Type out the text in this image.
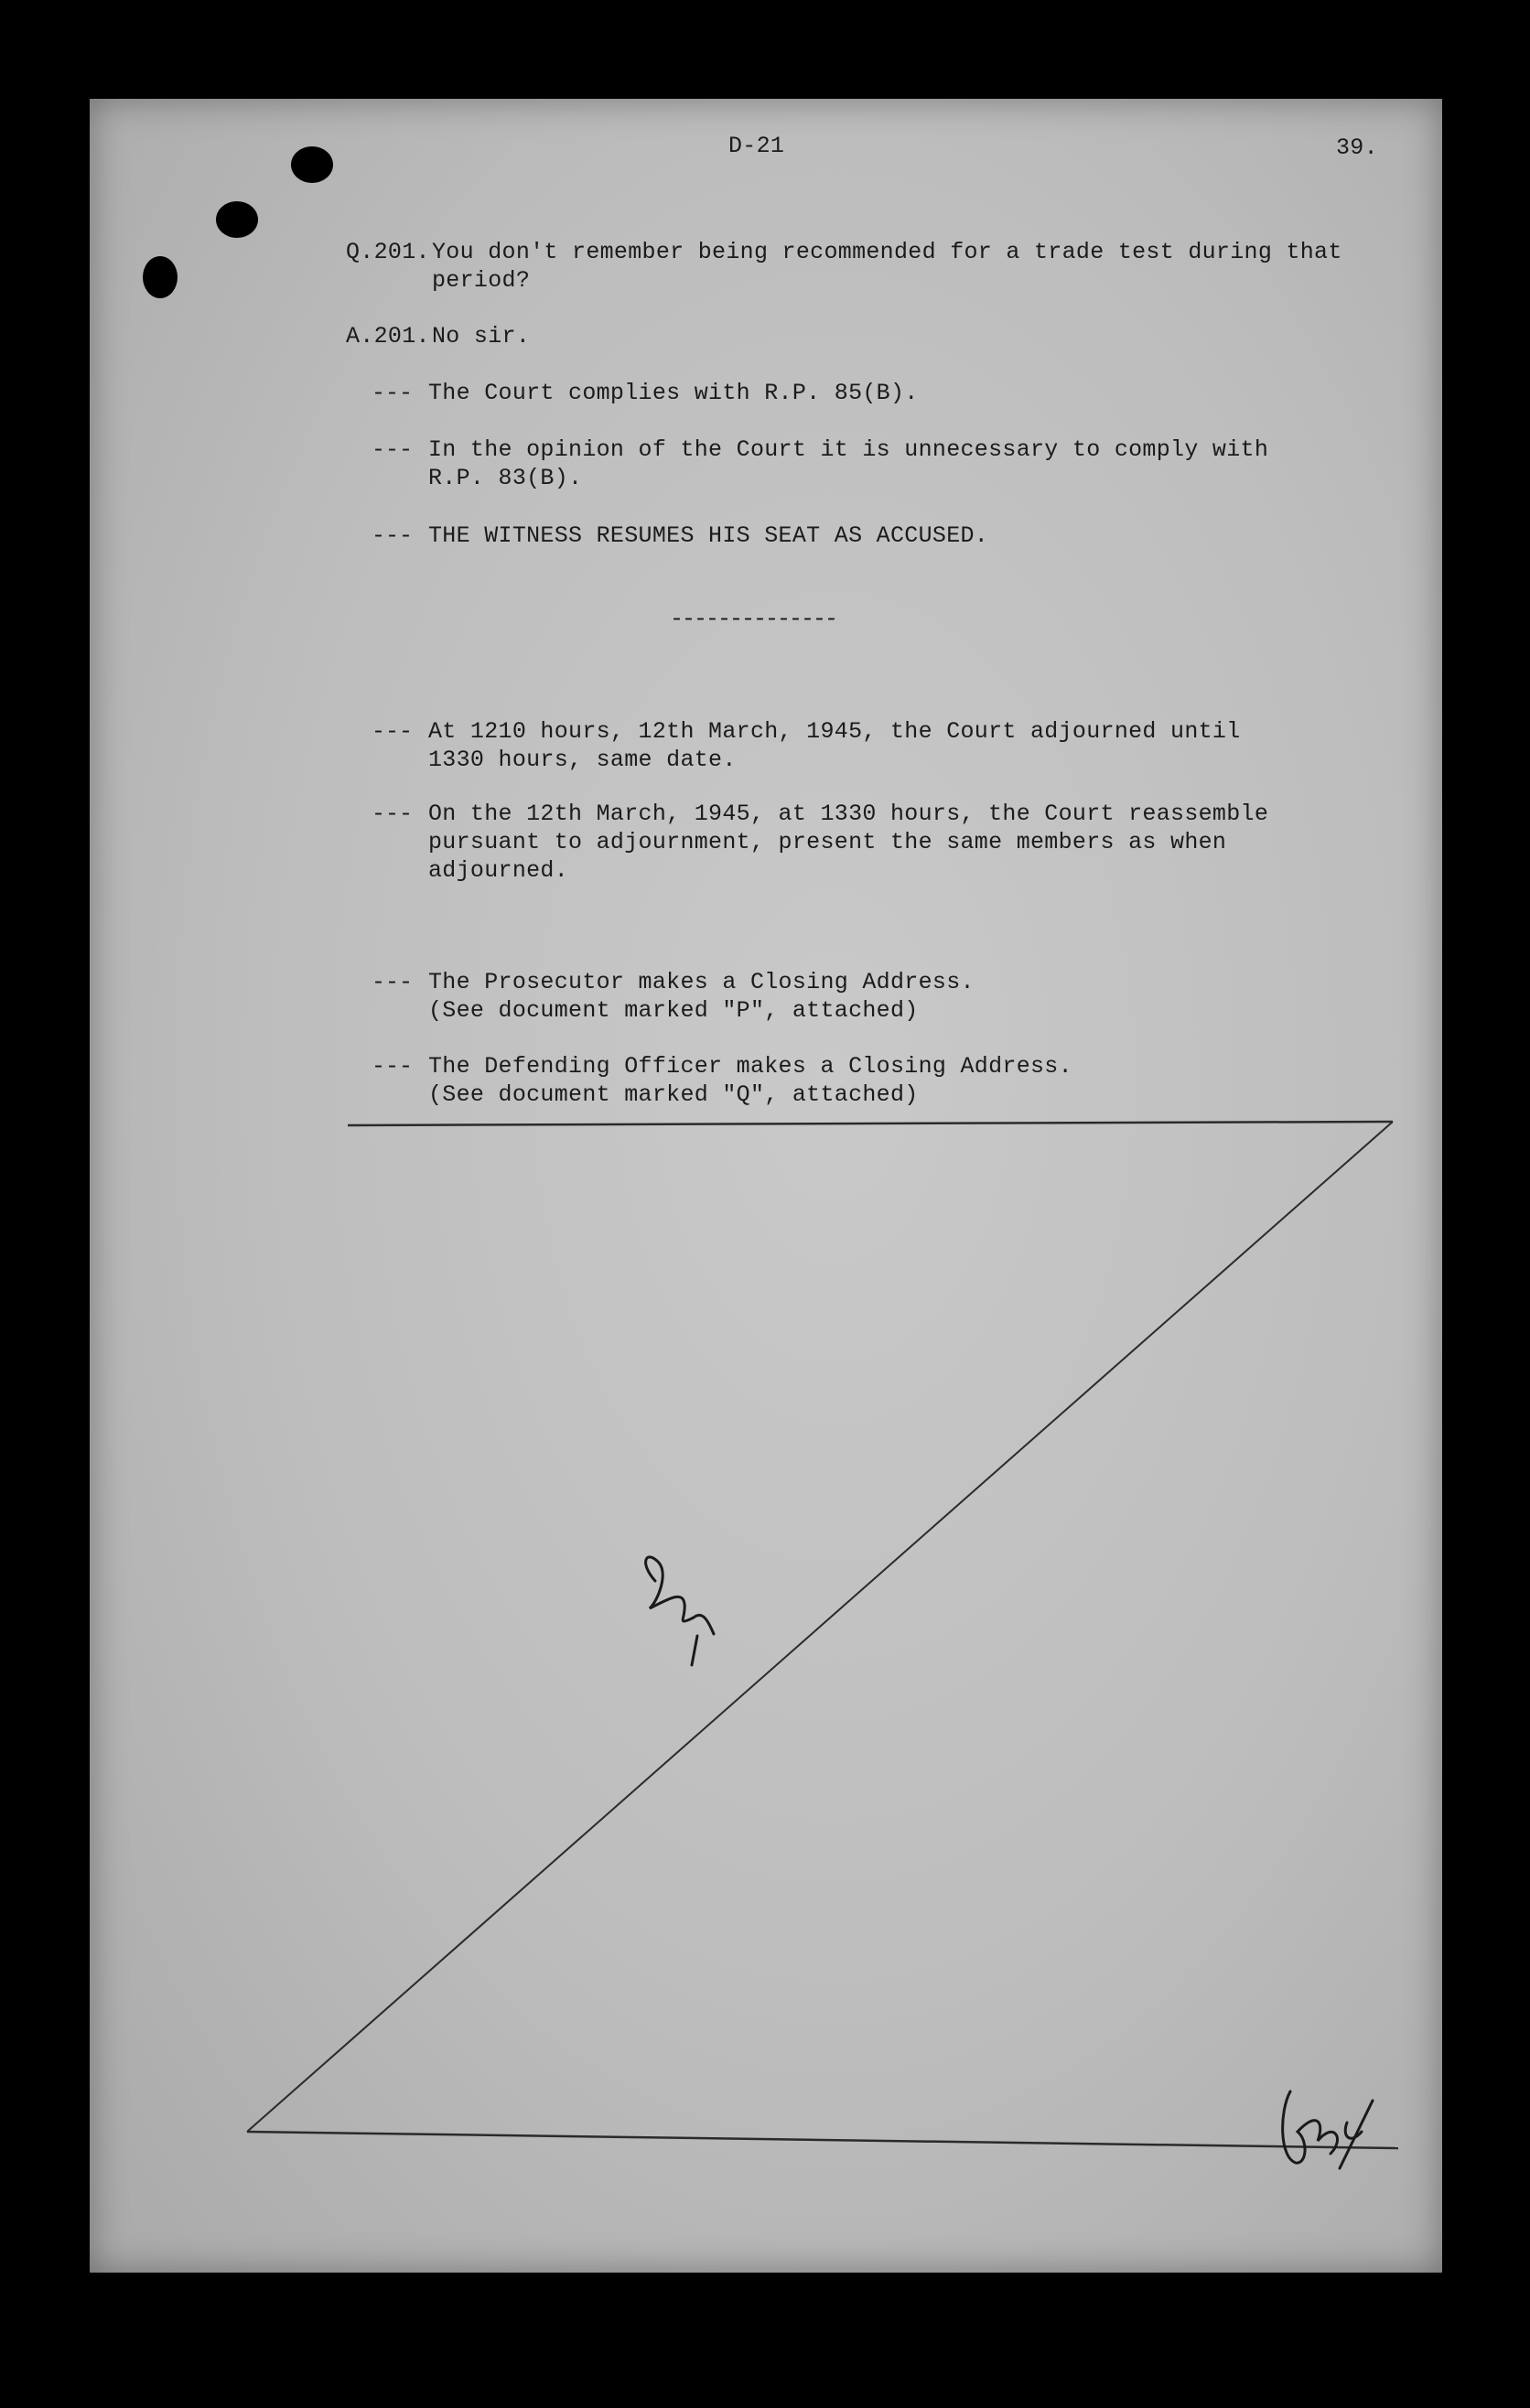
D-21	39.
Q.201. You don't remember being recommended for a trade test during that
period?
A.201. No sir.
--- The Court complies with R.P. 85(B).
--- In the opinion of the Court it is unnecessary to comply with
R.P. 83(B).
--- THE WITNESS RESUMES HIS SEAT AS ACCUSED.
--------------
--- At 1210 hours, 12th March, 1945, the Court adjourned until
1330 hours, same date.
--- On the 12th March, 1945, at 1330 hours, the Court reassemble
pursuant to adjournment, present the same members as when
adjourned.
--- The Prosecutor makes a Closing Address.
(See document marked "P", attached)
--- The Defending Officer makes a Closing Address.
(See document marked "Q", attached)
